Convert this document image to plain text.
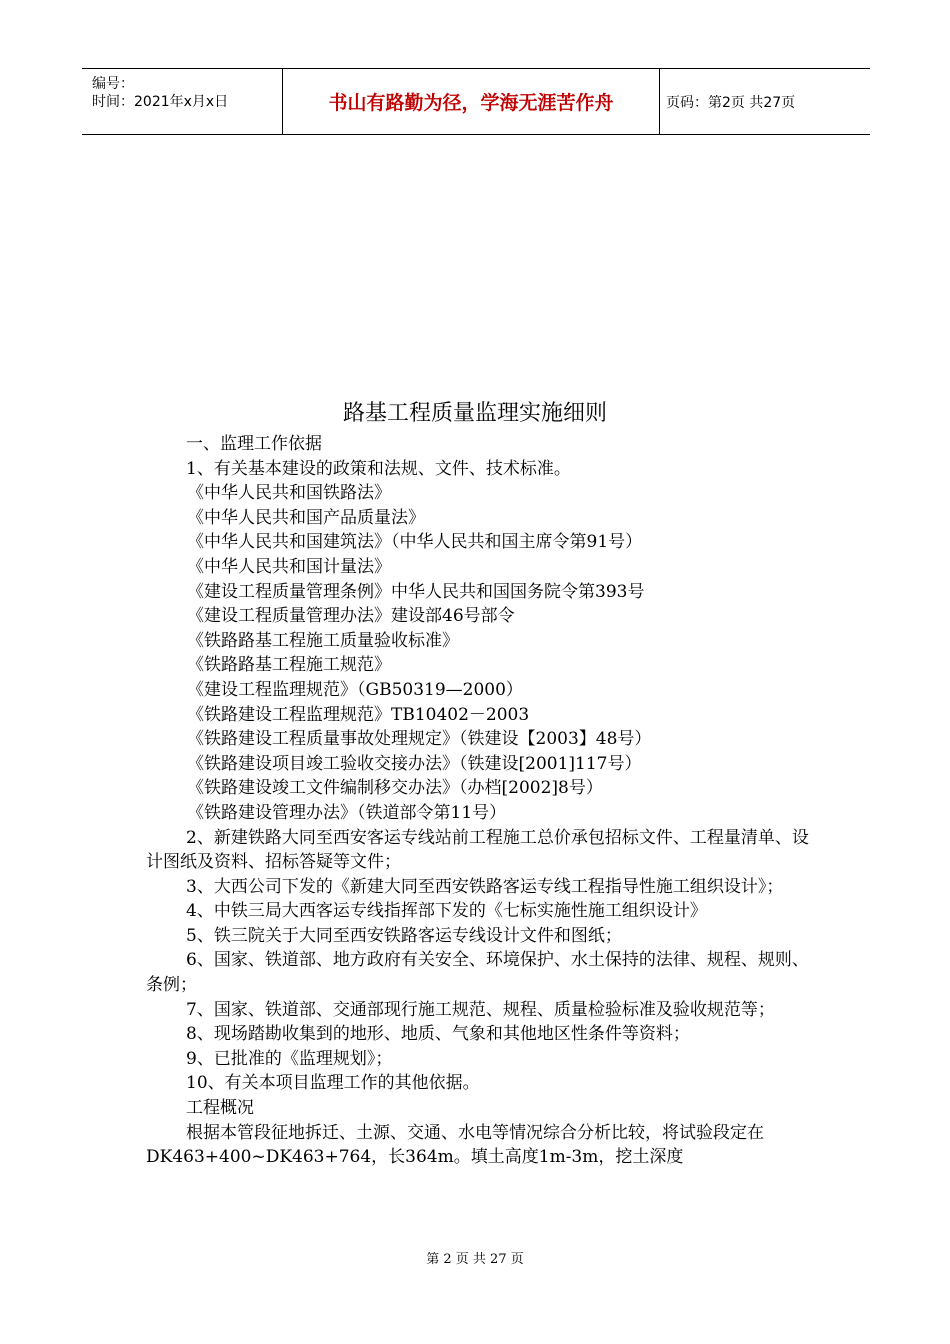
编号：
时间：2021年x月x日	书山有路勤为径，学海无涯苦作舟	页码：第2页 共27页
路基工程质量监理实施细则

一、监理工作依据

1、有关基本建设的政策和法规、文件、技术标准。

《中华人民共和国铁路法》

《中华人民共和国产品质量法》

《中华人民共和国建筑法》（中华人民共和国主席令第91号）

《中华人民共和国计量法》

《建设工程质量管理条例》中华人民共和国国务院令第393号

《建设工程质量管理办法》建设部46号部令

《铁路路基工程施工质量验收标准》

《铁路路基工程施工规范》

《建设工程监理规范》（GB50319—2000）

《铁路建设工程监理规范》TB10402－2003

《铁路建设工程质量事故处理规定》（铁建设【2003】48号）

《铁路建设项目竣工验收交接办法》（铁建设[2001]117号）

《铁路建设竣工文件编制移交办法》（办档[2002]8号）

《铁路建设管理办法》（铁道部令第11号）

2、新建铁路大同至西安客运专线站前工程施工总价承包招标文件、工程量清单、设计图纸及资料、招标答疑等文件；

3、大西公司下发的《新建大同至西安铁路客运专线工程指导性施工组织设计》；

4、中铁三局大西客运专线指挥部下发的《七标实施性施工组织设计》

5、铁三院关于大同至西安铁路客运专线设计文件和图纸；

6、国家、铁道部、地方政府有关安全、环境保护、水土保持的法律、规程、规则、条例；

7、国家、铁道部、交通部现行施工规范、规程、质量检验标准及验收规范等；

8、现场踏勘收集到的地形、地质、气象和其他地区性条件等资料；

9、已批准的《监理规划》；

10、有关本项目监理工作的其他依据。

工程概况

根据本管段征地拆迁、土源、交通、水电等情况综合分析比较，将试验段定在DK463+400~DK463+764，长364m。填土高度1m-3m，挖土深度

第 2 页 共 27 页
